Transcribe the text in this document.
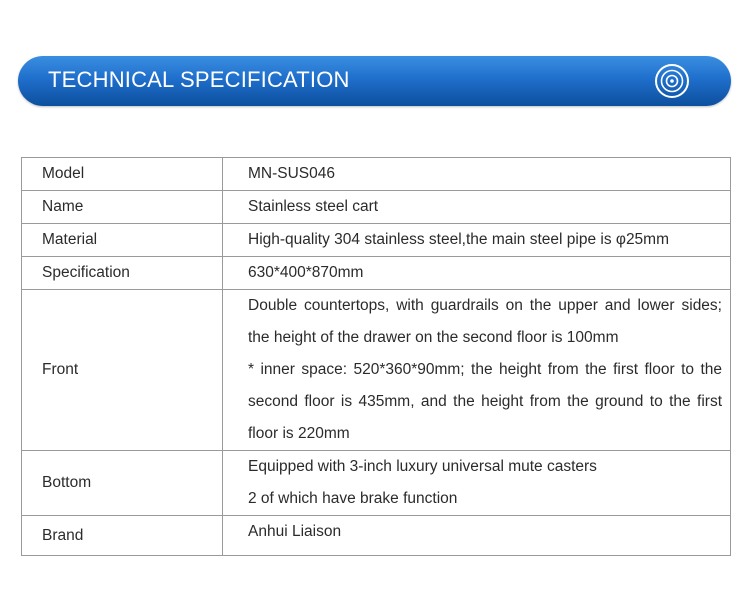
TECHNICAL SPECIFICATION
Model	MN-SUS046

Name	Stainless steel cart

Material	High-quality 304 stainless steel,the main steel pipe is φ25mm

Specification	630*400*870mm

Front	Double countertops, with guardrails on the upper and lower sides;
the height of the drawer on the second floor is 100mm
* inner space: 520*360*90mm; the height from the first floor to the
second floor is 435mm, and the height from the ground to the first
floor is 220mm

Bottom	Equipped with 3-inch luxury universal mute casters
2 of which have brake function

Brand	Anhui Liaison
